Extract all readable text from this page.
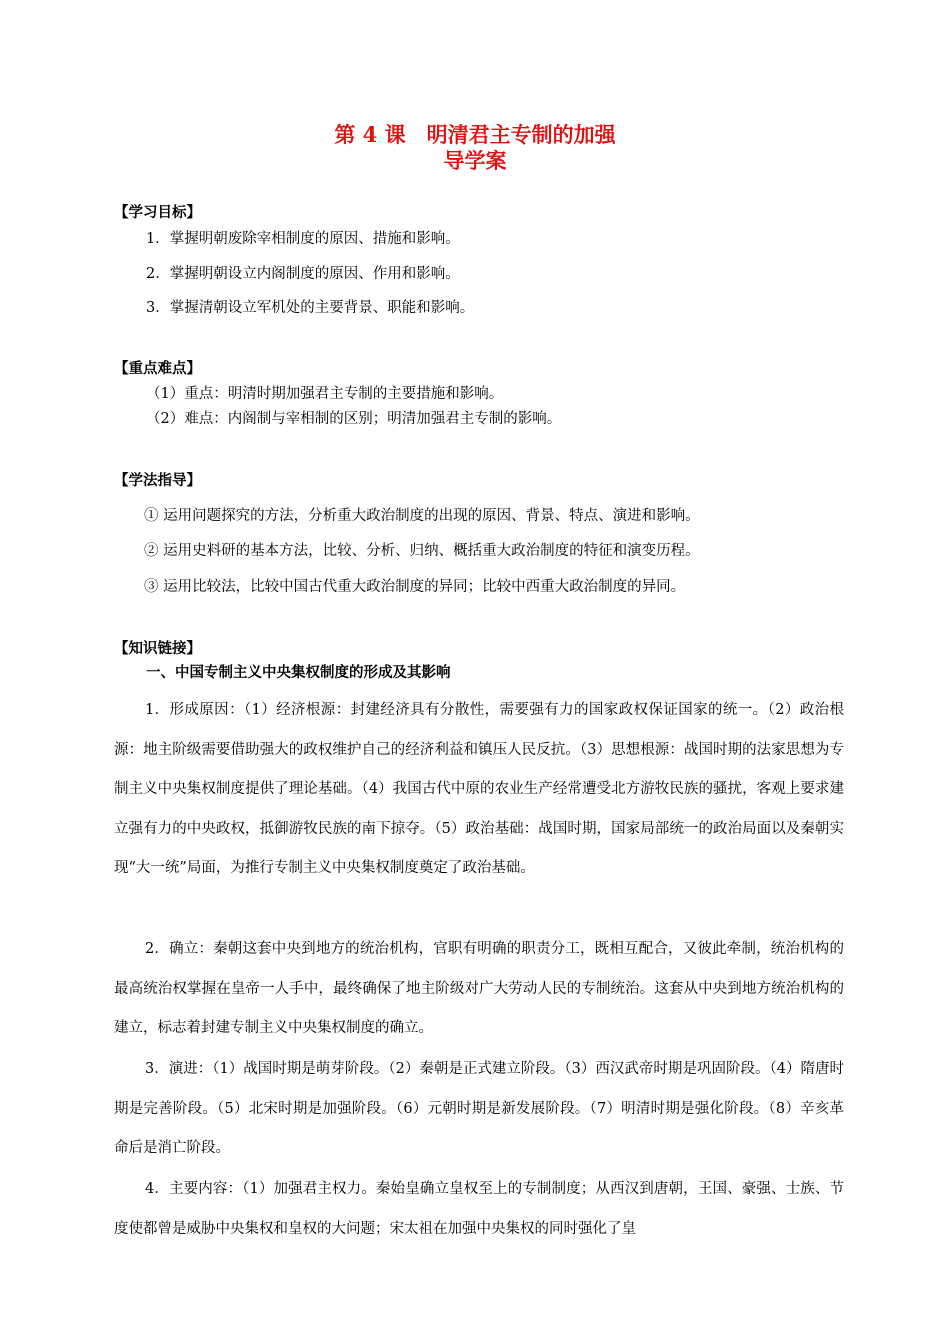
第 4 课　明清君主专制的加强
导学案
【学习目标】
1．掌握明朝废除宰相制度的原因、措施和影响。
2．掌握明朝设立内阁制度的原因、作用和影响。
3．掌握清朝设立军机处的主要背景、职能和影响。
【重点难点】
（1）重点：明清时期加强君主专制的主要措施和影响。
（2）难点：内阁制与宰相制的区别；明清加强君主专制的影响。
【学法指导】
① 运用问题探究的方法，分析重大政治制度的出现的原因、背景、特点、演进和影响。
② 运用史料研的基本方法，比较、分析、归纳、概括重大政治制度的特征和演变历程。
③ 运用比较法，比较中国古代重大政治制度的异同；比较中西重大政治制度的异同。
【知识链接】
一、中国专制主义中央集权制度的形成及其影响
1．形成原因：（1）经济根源：封建经济具有分散性，需要强有力的国家政权保证国家的统一。（2）政治根源：地主阶级需要借助强大的政权维护自己的经济利益和镇压人民反抗。（3）思想根源：战国时期的法家思想为专制主义中央集权制度提供了理论基础。（4）我国古代中原的农业生产经常遭受北方游牧民族的骚扰，客观上要求建立强有力的中央政权，抵御游牧民族的南下掠夺。（5）政治基础：战国时期，国家局部统一的政治局面以及秦朝实现“大一统”局面，为推行专制主义中央集权制度奠定了政治基础。
2．确立：秦朝这套中央到地方的统治机构，官职有明确的职责分工，既相互配合，又彼此牵制，统治机构的最高统治权掌握在皇帝一人手中，最终确保了地主阶级对广大劳动人民的专制统治。这套从中央到地方统治机构的建立，标志着封建专制主义中央集权制度的确立。
3．演进：（1）战国时期是萌芽阶段。（2）秦朝是正式建立阶段。（3）西汉武帝时期是巩固阶段。（4）隋唐时期是完善阶段。（5）北宋时期是加强阶段。（6）元朝时期是新发展阶段。（7）明清时期是强化阶段。（8）辛亥革命后是消亡阶段。
4．主要内容：（1）加强君主权力。秦始皇确立皇权至上的专制制度；从西汉到唐朝，王国、豪强、士族、节度使都曾是威胁中央集权和皇权的大问题；宋太祖在加强中央集权的同时强化了皇
